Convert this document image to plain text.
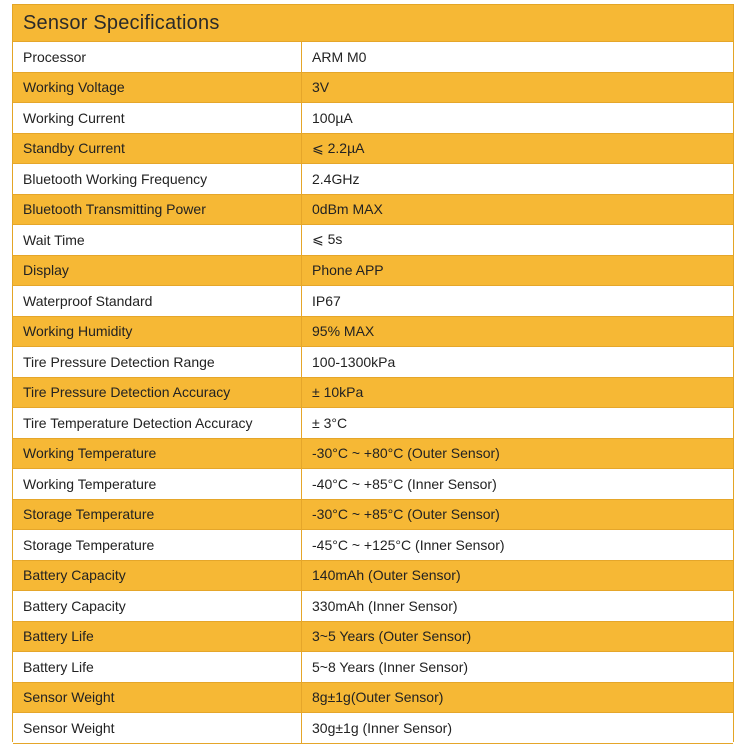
Sensor Specifications
Processor	ARM M0
Working Voltage	3V
Working Current	100µA
Standby Current	⩽ 2.2µA
Bluetooth Working Frequency	2.4GHz
Bluetooth Transmitting Power	0dBm MAX
Wait Time	⩽ 5s
Display	Phone APP
Waterproof Standard	IP67
Working Humidity	95% MAX
Tire Pressure Detection Range	100-1300kPa
Tire Pressure Detection Accuracy	± 10kPa
Tire Temperature Detection Accuracy	± 3°C
Working Temperature	-30°C ~ +80°C (Outer Sensor)
Working Temperature	-40°C ~ +85°C (Inner Sensor)
Storage Temperature	-30°C ~ +85°C (Outer Sensor)
Storage Temperature	-45°C ~ +125°C (Inner Sensor)
Battery Capacity	140mAh (Outer Sensor)
Battery Capacity	330mAh (Inner Sensor)
Battery Life	3~5 Years (Outer Sensor)
Battery Life	5~8 Years (Inner Sensor)
Sensor Weight	8g±1g(Outer Sensor)
Sensor Weight	30g±1g (Inner Sensor)
